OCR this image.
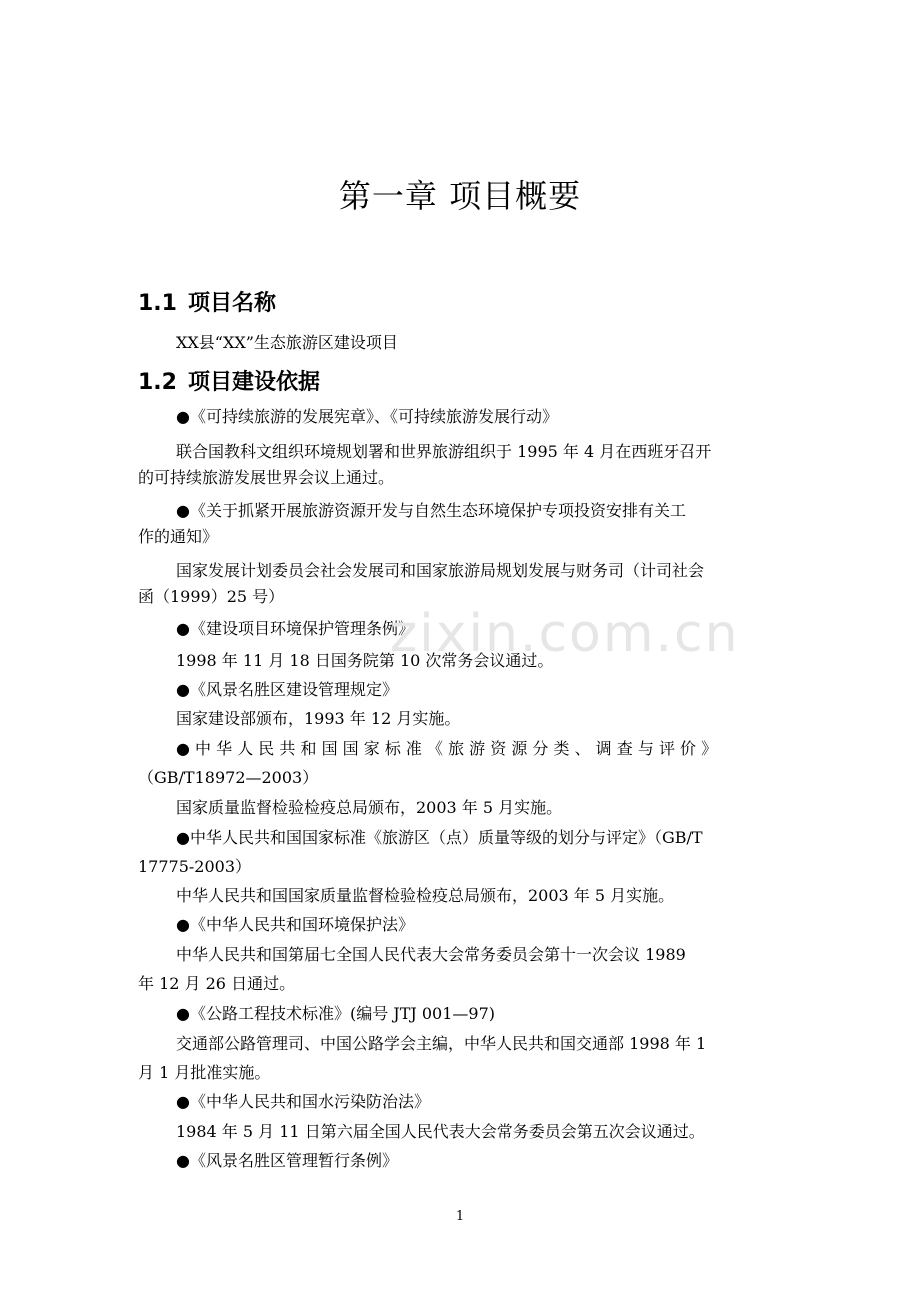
第一章 项目概要
1.1 项目名称
XX县“XX”生态旅游区建设项目
1.2 项目建设依据
●《可持续旅游的发展宪章》、《可持续旅游发展行动》
联合国教科文组织环境规划署和世界旅游组织于 1995 年 4 月在西班牙召开
的可持续旅游发展世界会议上通过。
●《关于抓紧开展旅游资源开发与自然生态环境保护专项投资安排有关工
作的通知》
国家发展计划委员会社会发展司和国家旅游局规划发展与财务司（计司社会
函（1999）25 号）
●《建设项目环境保护管理条例》
1998 年 11 月 18 日国务院第 10 次常务会议通过。
●《风景名胜区建设管理规定》
国家建设部颁布，1993 年 12 月实施。
● 中 华 人 民 共 和 国 国 家 标 准 《 旅 游 资 源 分 类 、 调 查 与 评 价 》
（GB/T18972—2003）
国家质量监督检验检疫总局颁布，2003 年 5 月实施。
●中华人民共和国国家标准《旅游区（点）质量等级的划分与评定》（GB/T
17775-2003）
中华人民共和国国家质量监督检验检疫总局颁布，2003 年 5 月实施。
●《中华人民共和国环境保护法》
中华人民共和国第届七全国人民代表大会常务委员会第十一次会议 1989
年 12 月 26 日通过。
●《公路工程技术标准》(编号 JTJ 001—97)
交通部公路管理司、中国公路学会主编，中华人民共和国交通部 1998 年 1
月 1 月批准实施。
●《中华人民共和国水污染防治法》
1984 年 5 月 11 日第六届全国人民代表大会常务委员会第五次会议通过。
●《风景名胜区管理暂行条例》
zixin.com.cn
1
